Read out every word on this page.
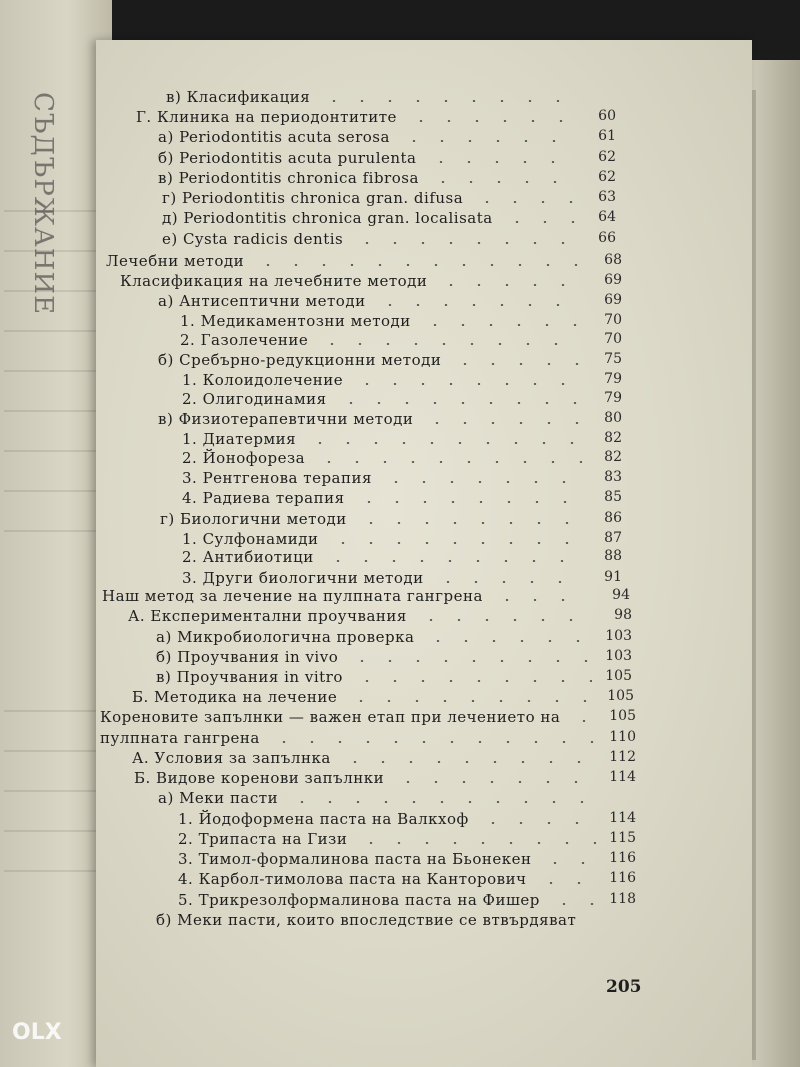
СЪДЪРЖАНИЕ	в) Класификация
Г. Клиника на периодонтитите	60
а) Periodontitis acuta serosa	61
б) Periodontitis acuta purulenta	62
в) Periodontitis chronica fibrosa	62
г) Periodontitis chronica gran. difusa	63
д) Periodontitis chronica gran. localisata	64
е) Cysta radicis dentis	66
Лечебни методи	68
Класификация на лечебните методи	69
а) Антисептични методи	69
1. Медикаментозни методи	70
2. Газолечение	70
б) Сребърно-редукционни методи	75
1. Колоидолечение	79
2. Олигодинамия	79
в) Физиотерапевтични методи	80
1. Диатермия	82
2. Йонофореза	82
3. Рентгенова терапия	83
4. Радиева терапия	85
г) Биологични методи	86
1. Сулфонамиди	87
2. Антибиотици	88
3. Други биологични методи	91
Наш метод за лечение на пулпната гангрена	94
А. Експериментални проучвания	98
а) Микробиологична проверка	103
б) Проучвания in vivo	103
в) Проучвания in vitro	105
Б. Методика на лечение	105
Кореновите запълнки — важен етап при лечението на	105
пулпната гангрена	110
А. Условия за запълнка	112
Б. Видове коренови запълнки	114
а) Меки пасти
1. Йодоформена паста на Валкхоф	114
2. Трипаста на Гизи	115
3. Тимол-формалинова паста на Бьонекен	116
4. Карбол-тимолова паста на Канторович	116
5. Трикрезолформалинова паста на Фишер	118
б) Меки пасти, които впоследствие се втвърдяват
205
OLX
